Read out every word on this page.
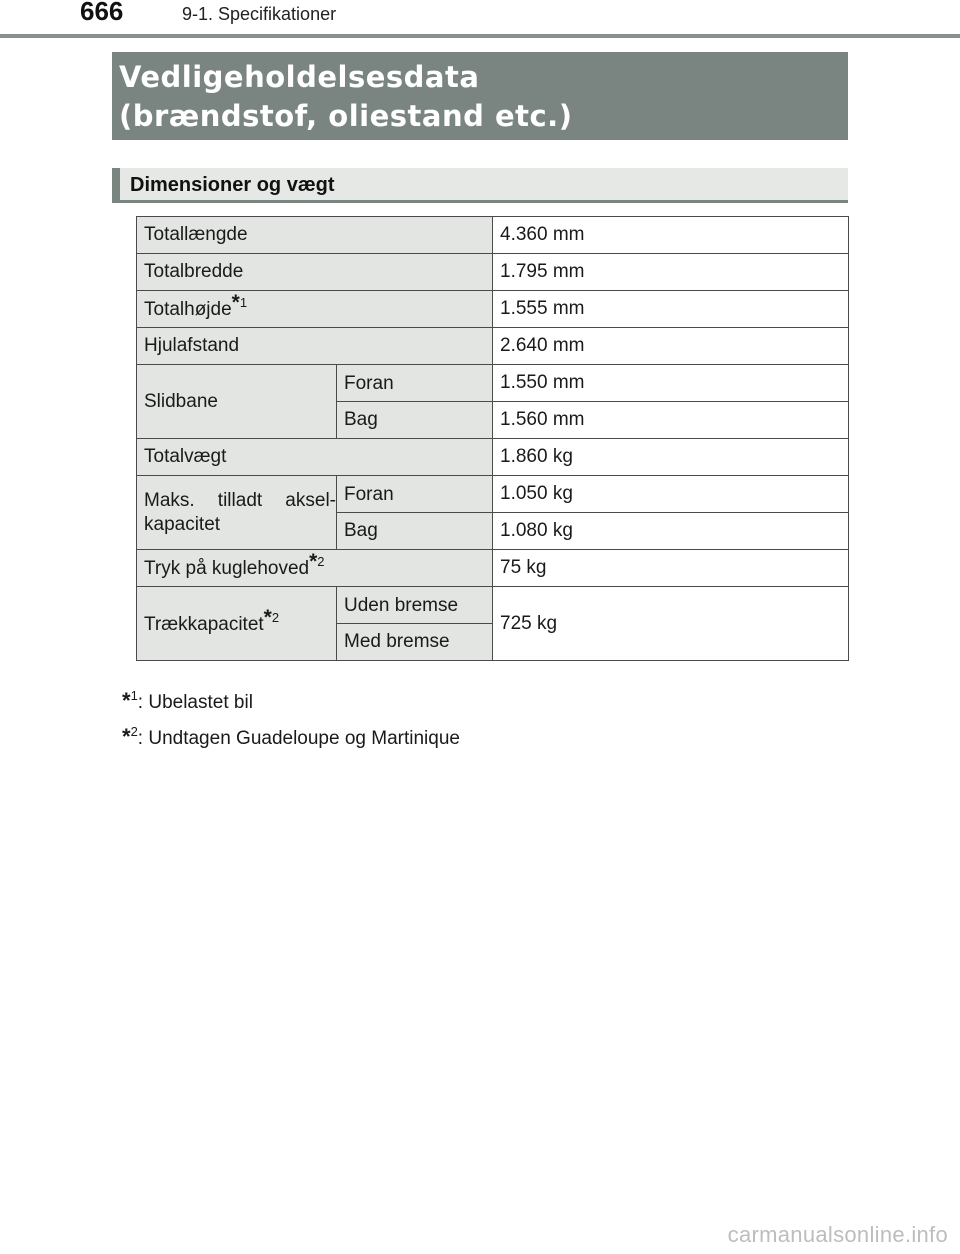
666	9-1. Specifikationer
Vedligeholdelsesdata
(brændstof, oliestand etc.)
Dimensioner og vægt
Totallængde		4.360 mm
Totalbredde		1.795 mm
Totalhøjde$^{*1}$		1.555 mm
Hjulafstand		2.640 mm
Slidbane	Foran	1.550 mm
	Bag	1.560 mm
Totalvægt		1.860 kg
Maks. tilladt aksel-kapacitet	Foran	1.050 kg
	Bag	1.080 kg
Tryk på kuglehoved$^{*2}$		75 kg
Trækkapacitet$^{*2}$	Uden bremse	725 kg
	Med bremse	
*$^1$: Ubelastet bil
*$^2$: Undtagen Guadeloupe og Martinique
carmanualsonline.info
